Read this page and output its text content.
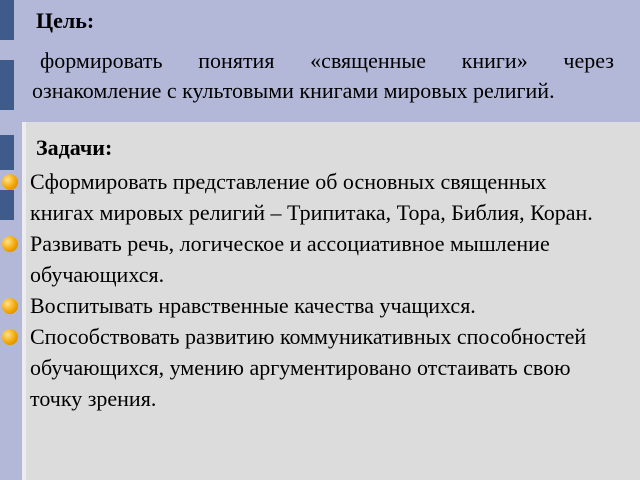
Цель:
формировать понятия «священные книги» через ознакомление с культовыми книгами мировых религий.
Задачи:
Сформировать представление об основных священных книгах мировых религий – Трипитака, Тора, Библия, Коран.
Развивать речь, логическое и ассоциативное мышление обучающихся.
Воспитывать нравственные качества учащихся.
Способствовать развитию коммуникативных способностей обучающихся, умению аргументировано отстаивать свою точку зрения.
